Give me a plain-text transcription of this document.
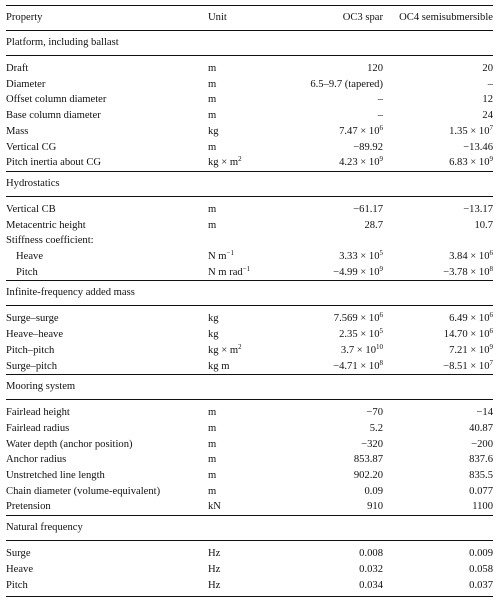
Property	Unit	OC3 spar	OC4 semisubmersible
Platform, including ballast			

Draft	m	120	20
Diameter	m	6.5–9.7 (tapered)	–
Offset column diameter	m	–	12
Base column diameter	m	–	24
Mass	kg	$7.47 \times 10^6$	$1.35 \times 10^7$
Vertical CG	m	−89.92	−13.46
Pitch inertia about CG	kg × $m^2$	$4.23 \times 10^9$	$6.83 \times 10^9$
Hydrostatics			

Vertical CB	m	−61.17	−13.17
Metacentric height	m	28.7	10.7
Stiffness coefficient:			
Heave	N $m^{-1}$	$3.33 \times 10^5$	$3.84 \times 10^6$
Pitch	N m rad$^{-1}$	$-4.99 \times 10^9$	$-3.78 \times 10^8$
Infinite-frequency added mass			

Surge–surge	kg	$7.569 \times 10^6$	$6.49 \times 10^6$
Heave–heave	kg	$2.35 \times 10^5$	$14.70 \times 10^6$
Pitch–pitch	kg × $m^2$	$3.7 \times 10^{10}$	$7.21 \times 10^9$
Surge–pitch	kg m	$-4.71 \times 10^8$	$-8.51 \times 10^7$
Mooring system			

Fairlead height	m	−70	−14
Fairlead radius	m	5.2	40.87
Water depth (anchor position)	m	−320	−200
Anchor radius	m	853.87	837.6
Unstretched line length	m	902.20	835.5
Chain diameter (volume-equivalent)	m	0.09	0.077
Pretension	kN	910	1100
Natural frequency			

Surge	Hz	0.008	0.009
Heave	Hz	0.032	0.058
Pitch	Hz	0.034	0.037
